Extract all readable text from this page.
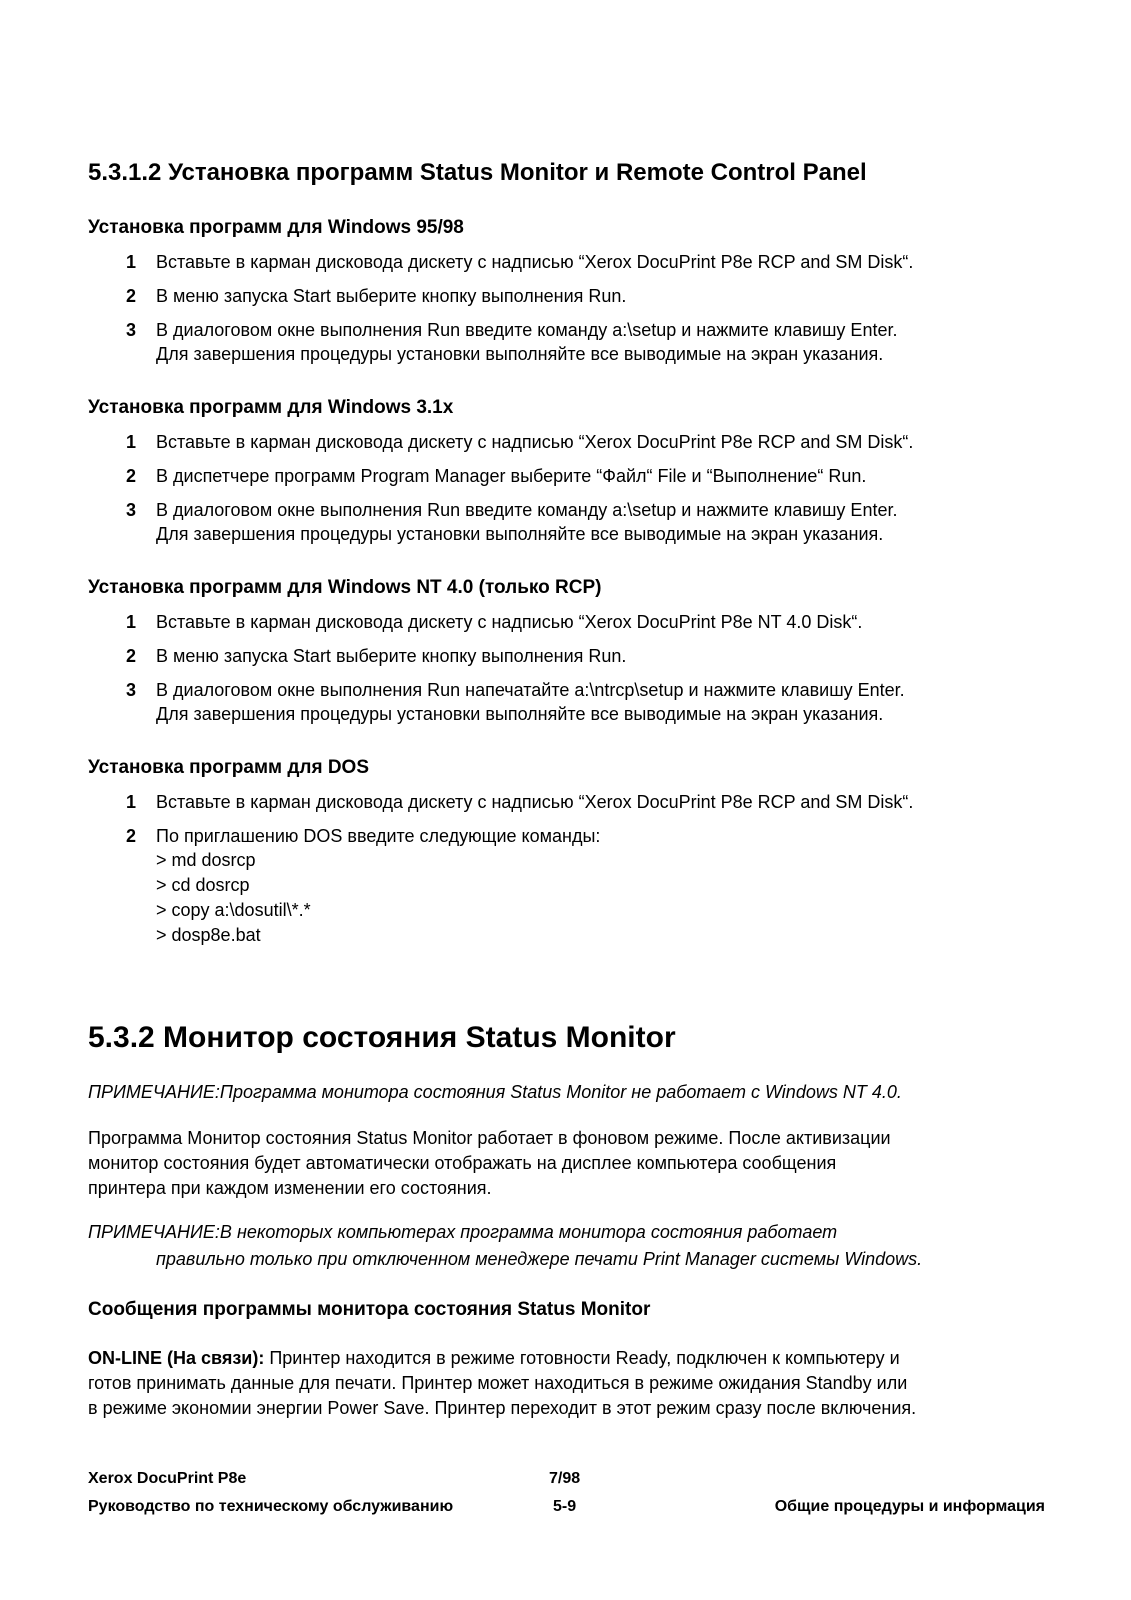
5.3.1.2 Установка программ Status Monitor и Remote Control Panel
Установка программ для Windows 95/98
1 Вставьте в карман дисковода дискету с надписью “Xerox DocuPrint P8e RCP and SM Disk“.
2 В меню запуска Start выберите кнопку выполнения Run.
3 В диалоговом окне выполнения Run введите команду a:\setup и нажмите клавишу Enter.
Для завершения процедуры установки выполняйте все выводимые на экран указания.
Установка программ для Windows 3.1x
1 Вставьте в карман дисковода дискету с надписью “Xerox DocuPrint P8e RCP and SM Disk“.
2 В диспетчере программ Program Manager выберите “Файл“ File и “Выполнение“ Run.
3 В диалоговом окне выполнения Run введите команду a:\setup и нажмите клавишу Enter.
Для завершения процедуры установки выполняйте все выводимые на экран указания.
Установка программ для Windows NT 4.0 (только RCP)
1 Вставьте в карман дисковода дискету с надписью “Xerox DocuPrint P8e NT 4.0 Disk“.
2 В меню запуска Start выберите кнопку выполнения Run.
3 В диалоговом окне выполнения Run напечатайте a:\ntrcp\setup и нажмите клавишу Enter.
Для завершения процедуры установки выполняйте все выводимые на экран указания.
Установка программ для DOS
1 Вставьте в карман дисковода дискету с надписью “Xerox DocuPrint P8e RCP and SM Disk“.
2 По приглашению DOS введите следующие команды:
> md dosrcp
> cd dosrcp
> copy a:\dosutil\*.*
> dosp8e.bat
5.3.2 Монитор состояния Status Monitor
ПРИМЕЧАНИЕ:Программа монитора состояния Status Monitor не работает с Windows NT 4.0.
Программа Монитор состояния Status Monitor работает в фоновом режиме. После активизации
монитор состояния будет автоматически отображать на дисплее компьютера сообщения
принтера при каждом изменении его состояния.
ПРИМЕЧАНИЕ:В некоторых компьютерах программа монитора состояния работает
правильно только при отключенном менеджере печати Print Manager системы Windows.
Сообщения программы монитора состояния Status Monitor
ON-LINE (На связи): Принтер находится в режиме готовности Ready, подключен к компьютеру и
готов принимать данные для печати. Принтер может находиться в режиме ожидания Standby или
в режиме экономии энергии Power Save. Принтер переходит в этот режим сразу после включения.
Xerox DocuPrint P8e
Руководство по техническому обслуживанию
7/98
5-9	Общие процедуры и информация
